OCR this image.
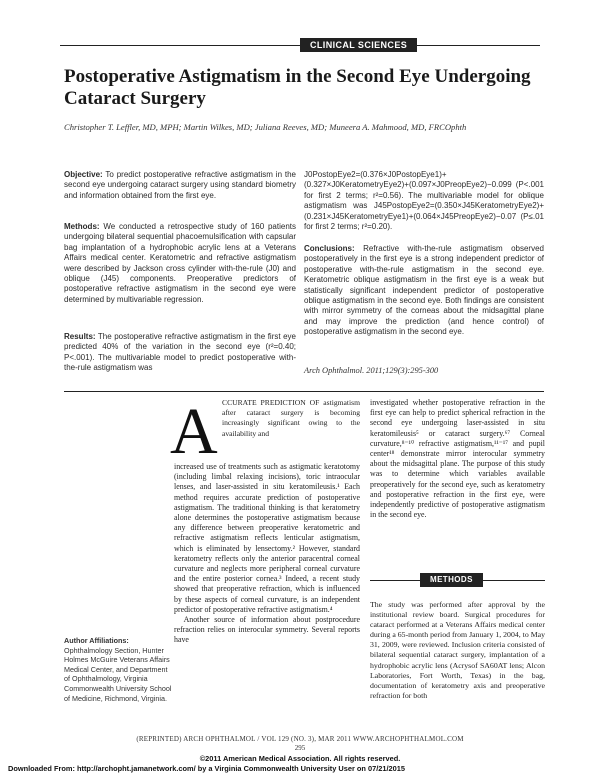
CLINICAL SCIENCES
Postoperative Astigmatism in the Second Eye Undergoing Cataract Surgery
Christopher T. Leffler, MD, MPH; Martin Wilkes, MD; Juliana Reeves, MD; Muneera A. Mahmood, MD, FRCOphth
Objective: To predict postoperative refractive astigmatism in the second eye undergoing cataract surgery using standard biometry and information obtained from the first eye.
Methods: We conducted a retrospective study of 160 patients undergoing bilateral sequential phacoemulsification with capsular bag implantation of a hydrophobic acrylic lens at a Veterans Affairs medical center. Keratometric and refractive astigmatism were described by Jackson cross cylinder with-the-rule (J0) and oblique (J45) components. Preoperative predictors of postoperative refractive astigmatism in the second eye were determined by multivariable regression.
Results: The postoperative refractive astigmatism in the first eye predicted 40% of the variation in the second eye (r²=0.40; P<.001). The multivariable model to predict postoperative with-the-rule astigmatism was
J0PostopEye2=(0.376×J0PostopEye1)+(0.327×J0KeratometryEye2)+(0.097×J0PreopEye2)−0.099 (P<.001 for first 2 terms; r²=0.56). The multivariable model for oblique astigmatism was J45PostopEye2=(0.350×J45KeratometryEye2)+(0.231×J45KeratometryEye1)+(0.064×J45PreopEye2)−0.07 (P≤.01 for first 2 terms; r²=0.20).
Conclusions: Refractive with-the-rule astigmatism observed postoperatively in the first eye is a strong independent predictor of postoperative with-the-rule astigmatism in the second eye. Keratometric oblique astigmatism in the first eye is a weak but statistically significant independent predictor of postoperative oblique astigmatism in the second eye. Both findings are consistent with mirror symmetry of the corneas about the midsagittal plane and may improve the prediction (and hence control) of postoperative astigmatism in the second eye.
Arch Ophthalmol. 2011;129(3):295-300
A CCURATE PREDICTION OF astigmatism after cataract surgery is becoming increasingly significant owing to the availability and
increased use of treatments such as astigmatic keratotomy (including limbal relaxing incisions), toric intraocular lenses, and laser-assisted in situ keratomileusis.¹ Each method requires accurate prediction of postoperative astigmatism. The traditional thinking is that keratometry alone determines the postoperative astigmatism because any difference between preoperative keratometric and refractive astigmatism reflects lenticular astigmatism, which is eliminated by lensectomy.² However, standard keratometry reflects only the anterior paracentral corneal curvature and neglects more peripheral corneal curvature and the entire posterior cornea.³ Indeed, a recent study showed that preoperative refraction, which is influenced by these aspects of corneal curvature, is an independent predictor of postoperative refractive astigmatism.⁴
Another source of information about postprocedure refraction relies on interocular symmetry. Several reports have
investigated whether postoperative refraction in the first eye can help to predict spherical refraction in the second eye undergoing laser-assisted in situ keratomileusis⁵ or cataract surgery.⁶⁷ Corneal curvature,⁸⁻¹⁰ refractive astigmatism,¹¹⁻¹⁷ and pupil center¹⁸ demonstrate mirror interocular symmetry about the midsagittal plane. The purpose of this study was to determine which variables available preoperatively for the second eye, such as keratometry and postoperative refraction in the first eye, were independently predictive of postoperative astigmatism in the second eye.
METHODS
The study was performed after approval by the institutional review board. Surgical procedures for cataract performed at a Veterans Affairs medical center during a 65-month period from January 1, 2004, to May 31, 2009, were reviewed. Inclusion criteria consisted of bilateral sequential cataract surgery, implantation of a hydrophobic acrylic lens (Acrysof SA60AT lens; Alcon Laboratories, Fort Worth, Texas) in the bag, documentation of keratometry axis and preoperative refraction for both
Author Affiliations:
Ophthalmology Section, Hunter Holmes McGuire Veterans Affairs Medical Center, and Department of Ophthalmology, Virginia Commonwealth University School of Medicine, Richmond, Virginia.
(REPRINTED) ARCH OPHTHALMOL / VOL 129 (NO. 3), MAR 2011 WWW.ARCHOPHTHALMOL.COM
295
©2011 American Medical Association. All rights reserved.
Downloaded From: http://archopht.jamanetwork.com/ by a Virginia Commonwealth University User on 07/21/2015
